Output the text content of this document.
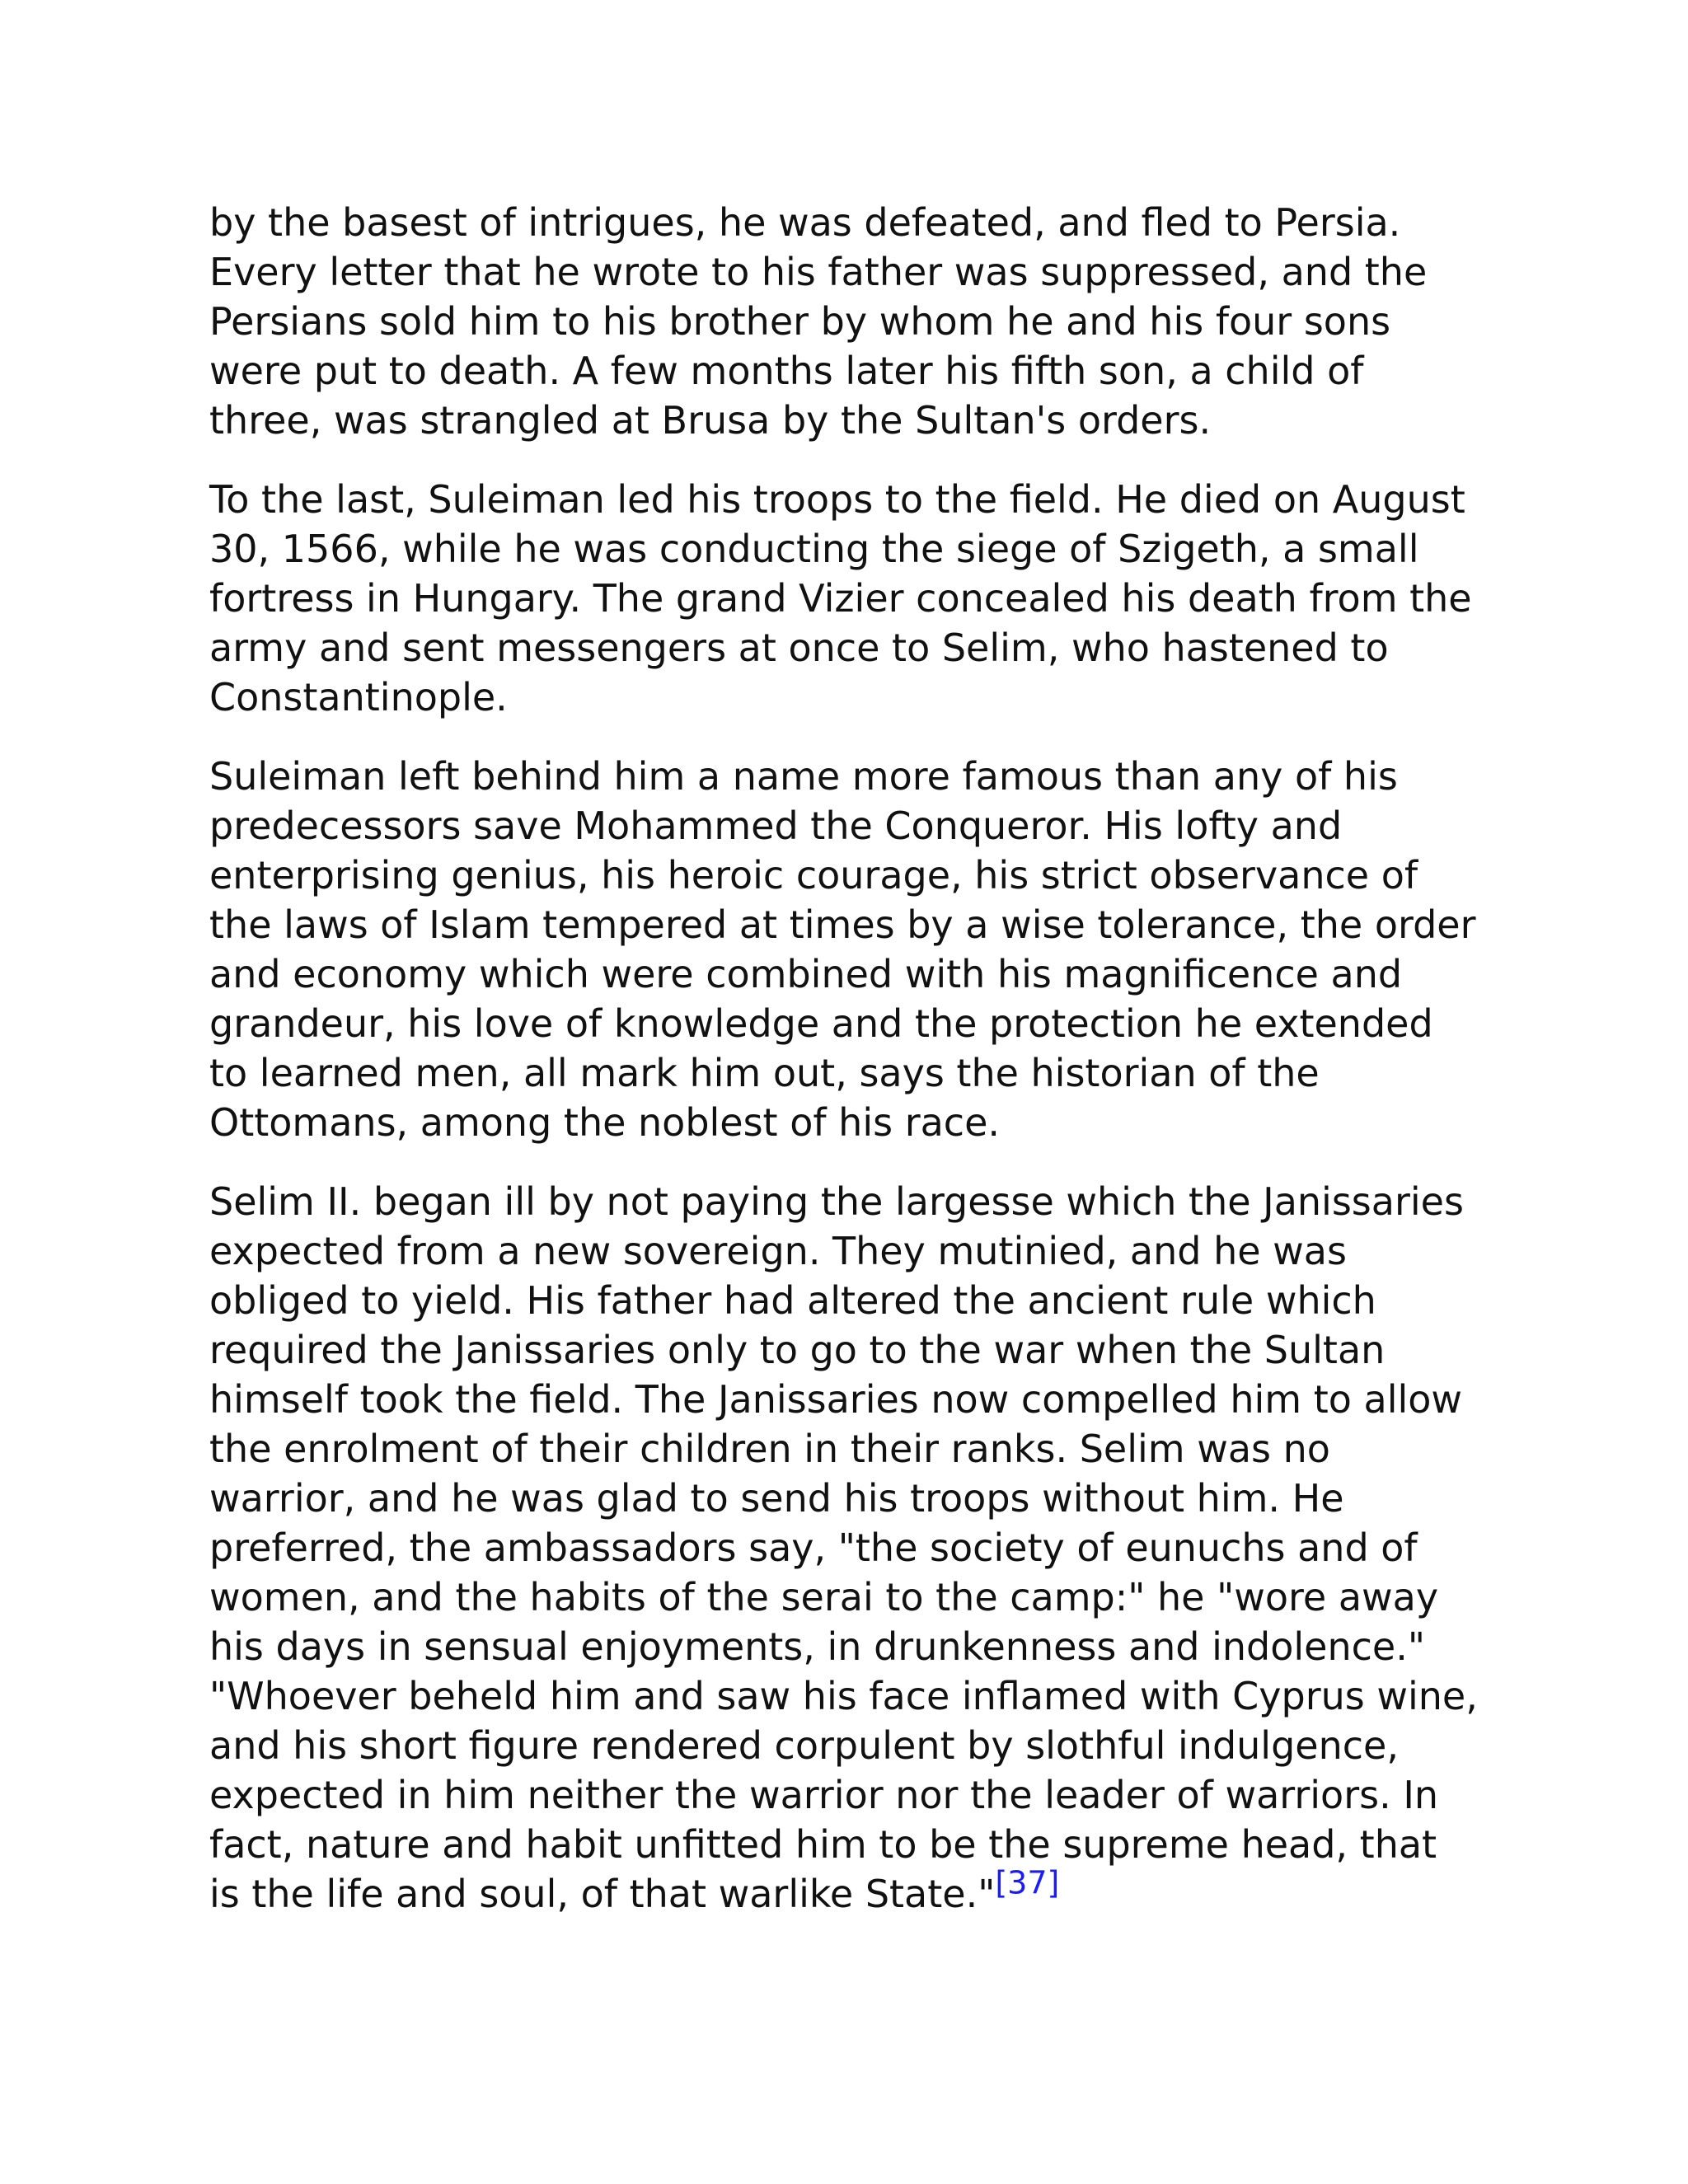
by the basest of intrigues, he was defeated, and fled to Persia. Every letter that he wrote to his father was suppressed, and the Persians sold him to his brother by whom he and his four sons were put to death. A few months later his fifth son, a child of three, was strangled at Brusa by the Sultan's orders.

To the last, Suleiman led his troops to the field. He died on August 30, 1566, while he was conducting the siege of Szigeth, a small fortress in Hungary. The grand Vizier concealed his death from the army and sent messengers at once to Selim, who hastened to Constantinople.

Suleiman left behind him a name more famous than any of his predecessors save Mohammed the Conqueror. His lofty and enterprising genius, his heroic courage, his strict observance of the laws of Islam tempered at times by a wise tolerance, the order and economy which were combined with his magnificence and grandeur, his love of knowledge and the protection he extended to learned men, all mark him out, says the historian of the Ottomans, among the noblest of his race.

Selim II. began ill by not paying the largesse which the Janissaries expected from a new sovereign. They mutinied, and he was obliged to yield. His father had altered the ancient rule which required the Janissaries only to go to the war when the Sultan himself took the field. The Janissaries now compelled him to allow the enrolment of their children in their ranks. Selim was no warrior, and he was glad to send his troops without him. He preferred, the ambassadors say, "the society of eunuchs and of women, and the habits of the serai to the camp:" he "wore away his days in sensual enjoyments, in drunkenness and indolence." "Whoever beheld him and saw his face inflamed with Cyprus wine, and his short figure rendered corpulent by slothful indulgence, expected in him neither the warrior nor the leader of warriors. In fact, nature and habit unfitted him to be the supreme head, that is the life and soul, of that warlike State."[37]
